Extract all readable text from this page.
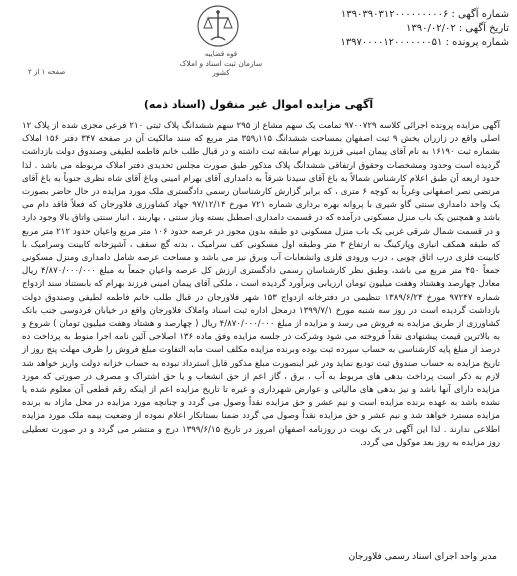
قوه قضاییه
سازمان ثبت اسناد و املاک کشور
شماره آگهی : ۱۳۹۰۳۹۰۳۱۲۰۰۰۰۰۰۰۰۰۶
تاریخ آگهی : ۱۳۹۰/۰۲/۰۲
شماره پرونده : ۱۳۹۷۰۰۰۰۱۲۰۰۰۰۰۰۰۵۱
صفحه ۱ از ۲
آگهی مزایده اموال غیر منقول (اسناد ذمه)

آگهی مزایده پرونده اجرائی کلاسه ۹۷۰۰۷۲۹ تمامت یک سهم مشاع از ۲۹۵ سهم ششدانگ پلاک ثبتی ۲۱۰ فرعی مجزی شده از پلاک ۱۲ اصلی واقع در زازران بخش ۹ ثبت اصفهان بمساحت ششدانگ ۳۵۹٫۱۱۵ متر مربع که سند مالکیت آن در صفحه ۳۴۷ دفتر ۱۵۶ املاک بشماره ثبت ۱۶۱۹۰ به نام آقای پیمان امینی فرزند بهرام سابقه ثبت داشته و در قبال طلب خانم فاطمه لطیفی وصندوق دولت بازداشت گردیده است وحدود ومشخصات وحقوق ارتفاقی ششدانگ پلاک مذکور طبق صورت مجلس تحدیدی دفتر املاک مربوطه می باشد . لذا حدود اربعه آن طبق اعلام کارشناس شمالاً به باغ آقای سیدنا شرقاً به دامداری آقای بهرام امینی وباغ آقای شاه نظری جنوباً به باغ آقای مرتضی نصر اصفهانی وغرباً به کوچه ۶ متری ، که برابر گزارش کارشناسان رسمی دادگستری ملک مورد مزایده در حال حاضر بصورت یک واحد دامداری سنتی گاو شیری با پروانه بهره برداری شماره ۷۲۱ مورخ ۹۷/۱۲/۱۴ جهاد کشاورزی فلاورجان که فعلاً فاقد دام می باشد و همچنین یک باب منزل مسکونی درآمده که در قسمت دامداری اصطبل بسته وباز سنتی ، بهاربند ، انبار سنتی واتاق بالا وجود دارد و در قسمت شمال شرقی غربی یک باب منزل مسکونی دو طبقه بدون مجوز در عرصه حدود ۱۰۶ متر مربع واعیان حدود ۲۱۲ متر مربع که طبقه همکف انباری وپارکینگ به ارتفاع ۳ متر وطبقه اول مسکونی کف سرامیک ، بدنه گچ سقف ، آشپزخانه کابینت وسرامیک با کابینت فلزی درب اتاق چوبی ، درب ورودی فلزی وانشعابات آب وبرق نیز می باشد و مساحت عرصه شامل دامداری ومنزل مسکونی جمعاً ۴۵۰ متر مربع می باشد، وطبق نظر کارشناسان رسمی دادگستری ارزش کل عرصه واعیان جمعاً به مبلغ ۴/۸۷۰/۰۰۰/۰۰۰ ریال معادل چهارصد وهشتاد وهفت میلیون تومان ارزیابی وبرآورد گردیده است ، ملکی آقای پیمان امینی فرزند بهرام که بابستناد سند ازدواج شماره ۹۷۲۴۷ مورخ ۱۳۸۹/۶/۲۴ تنظیمی در دفترخانه ازدواج ۱۵۳ شهر فلاورجان در قبال طلب خانم فاطمه لطیفی وصندوق دولت بازداشت گردیده است در روز سه شنبه مورخ ۱۳۹۹/۷/۱ درمحل اداره ثبت اسناد واملاک فلاورجان واقع در خیابان فردوسی جنب بانک کشاورزی از طریق مزایده به فروش می رسد و مزایده از مبلغ ۴/۸۷۰/۰۰۰/۰۰۰ ریال ( چهارصد و هشتاد وهفت میلیون تومان ) شروع و به بالاترین قیمت پیشنهادی نقداً فروخته می شود وشرکت در جلسه مزایده وفق ماده ۱۳۶ اصلاحی آئین نامه اجرا منوط به پرداخت ده درصد از مبلغ پایه کارشناسی به حساب سپرده ثبت بوده وبرنده مزایده مکلف است مابه التفاوت مبلغ فروش را ظرف مهلت پنج روز از تاریخ مزایده به حساب صندوق ثبت تودیع نماید ودر غیر اینصورت مبلغ مذکور قابل استرداد نبوده به حساب خزانه دولت واریز خواهد شد لازم به ذکر است پرداخت بدهی های مربوط به آب ، برق ، گاز اعم از حق انشعاب و یا حق اشتراک و مصرف در صورتی که مورد مزایده دارای آنها باشد و نیز بدهی های مالیاتی و عوارض شهرداری و غیره تا تاریخ مزایده اعم از اینکه رقم قطعی آن معلوم شده یا نشده باشد به عهده برنده مزایده است و نیم عشر و حق مزایده نقداً وصول می گردد و چنانچه مورد مزایده در محل مازاد به برنده مزایده مسترد خواهد شد و نیم عشر و حق مزایده نقداً وصول می گردد ضمنا بستانکار اعلام نموده از وضعیت بیمه ملک مورد مزایده اطلاعی ندارند . لذا این آگهی در یک نوبت در روزنامه اصفهان امروز در تاریخ ۱۳۹۹/۶/۱۵ درج و منتشر می گردد و در صورت تعطیلی روز مزایده به روز بعد موکول می گردد.

مدیر واحد اجرای اسناد رسمی فلاورجان
